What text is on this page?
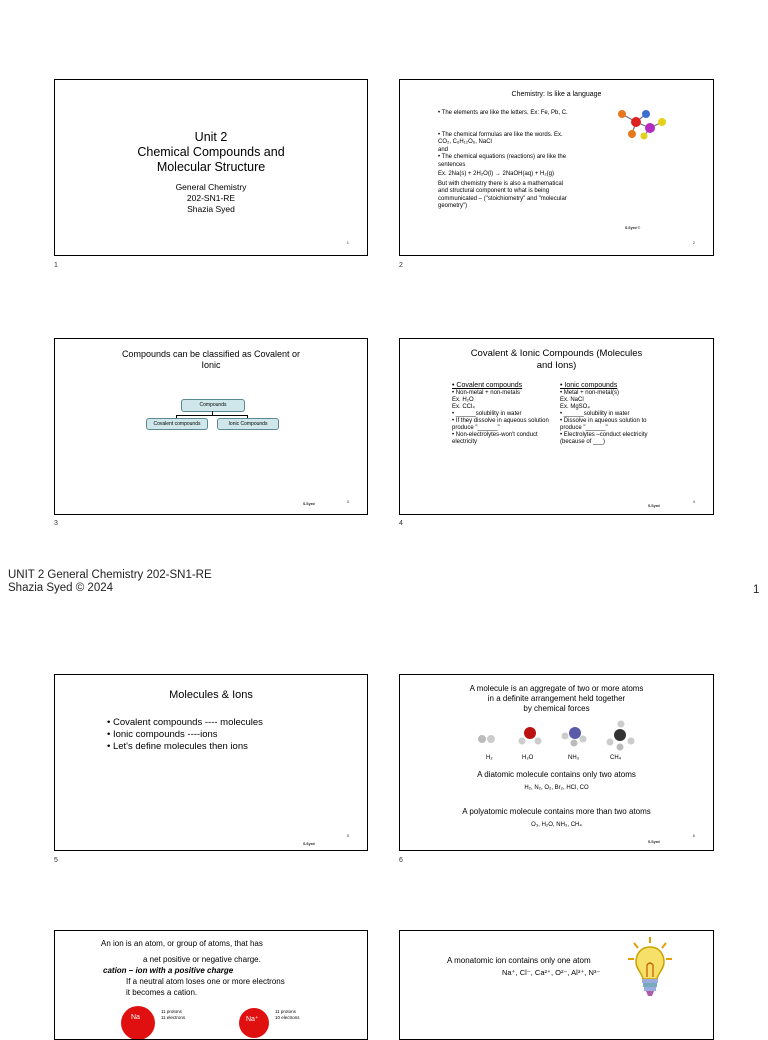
Unit 2
Chemical Compounds and
Molecular Structure
General Chemistry
202-SN1-RE
Shazia Syed
1
1
Chemistry: Is like a language
• The elements are like the letters. Ex: Fe, Pb, C.
• The chemical formulas are like the words. Ex.
CO₂, C₆H₁₂O₆, NaCl
and
• The chemical equations (reactions) are like the
sentences
Ex. 2Na(s) + 2H₂O(l) → 2NaOH(aq) + H₂(g)
But with chemistry there is also a mathematical
and structural component to what is being
communicated – ("stoichiometry" and "molecular
geometry")
S.Syed ©
2
2
Compounds can be classified as Covalent or
Ionic
Compounds
Covalent compounds	Ionic Compounds
S.Syed	3
3
Covalent & Ionic Compounds (Molecules
and Ions)
• Covalent compounds
• Non-metal + non-metals
Ex. H₂O
Ex. CCl₄
• ______solubility in water
• If they dissolve in aqueous solution produce "______"
• Non-electrolytes-won't conduct electricity
• Ionic compounds
• Metal + non-metal(s)
Ex. NaCl
Ex. MgSO₄
• ______solubility in water
• Dissolve in aqueous solution to produce "______"
• Electrolytes –conduct electricity (because of ___)
S.Syed
4
4
UNIT 2 General Chemistry 202-SN1-RE
Shazia Syed © 2024	1
Molecules & Ions
• Covalent compounds ---- molecules
• Ionic compounds ----ions
• Let's define molecules then ions
S.Syed
5
5
A molecule is an aggregate of two or more atoms
in a definite arrangement held together
by chemical forces
H₂	H₂O	NH₃	CH₄
A diatomic molecule contains only two atoms
H₂, N₂, O₂, Br₂, HCl, CO
A polyatomic molecule contains more than two atoms
O₃, H₂O, NH₃, CH₄
S.Syed
6
6
An ion is an atom, or group of atoms, that has
a net positive or negative charge.
cation – ion with a positive charge
If a neutral atom loses one or more electrons
it becomes a cation.
Na
11 protons
11 electrons	Na⁺
11 protons
10 electrons
A monatomic ion contains only one atom
Na⁺, Cl⁻, Ca²⁺, O²⁻, Al³⁺, N³⁻
